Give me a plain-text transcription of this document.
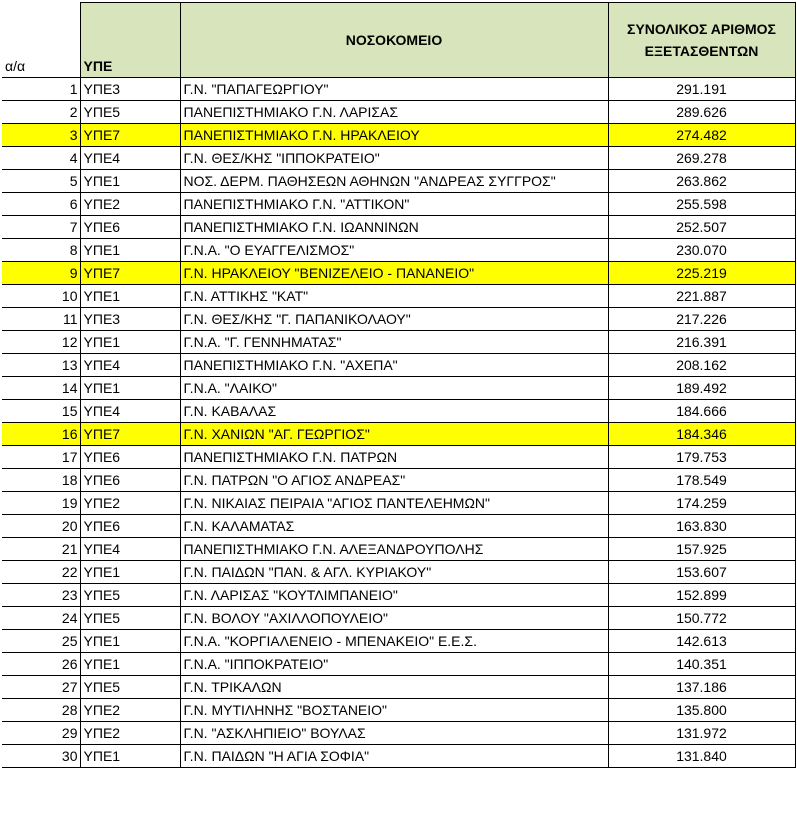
α/α	ΥΠΕ	ΝΟΣΟΚΟΜΕΙΟ	ΣΥΝΟΛΙΚΟΣ ΑΡΙΘΜΟΣ ΕΞΕΤΑΣΘΕΝΤΩΝ
1	ΥΠΕ3	Γ.Ν. "ΠΑΠΑΓΕΩΡΓΙΟΥ"	291.191
2	ΥΠΕ5	ΠΑΝΕΠΙΣΤΗΜΙΑΚΟ Γ.Ν. ΛΑΡΙΣΑΣ	289.626
3	ΥΠΕ7	ΠΑΝΕΠΙΣΤΗΜΙΑΚΟ Γ.Ν. ΗΡΑΚΛΕΙΟΥ	274.482
4	ΥΠΕ4	Γ.Ν. ΘΕΣ/ΚΗΣ "ΙΠΠΟΚΡΑΤΕΙΟ"	269.278
5	ΥΠΕ1	ΝΟΣ. ΔΕΡΜ. ΠΑΘΗΣΕΩΝ ΑΘΗΝΩΝ "ΑΝΔΡΕΑΣ ΣΥΓΓΡΟΣ"	263.862
6	ΥΠΕ2	ΠΑΝΕΠΙΣΤΗΜΙΑΚΟ Γ.Ν. "ΑΤΤΙΚΟΝ"	255.598
7	ΥΠΕ6	ΠΑΝΕΠΙΣΤΗΜΙΑΚΟ Γ.Ν. ΙΩΑΝΝΙΝΩΝ	252.507
8	ΥΠΕ1	Γ.Ν.Α. "Ο ΕΥΑΓΓΕΛΙΣΜΟΣ"	230.070
9	ΥΠΕ7	Γ.Ν. ΗΡΑΚΛΕΙΟΥ "ΒΕΝΙΖΕΛΕΙΟ - ΠΑΝΑΝΕΙΟ"	225.219
10	ΥΠΕ1	Γ.Ν. ΑΤΤΙΚΗΣ "ΚΑΤ"	221.887
11	ΥΠΕ3	Γ.Ν. ΘΕΣ/ΚΗΣ "Γ. ΠΑΠΑΝΙΚΟΛΑΟΥ"	217.226
12	ΥΠΕ1	Γ.Ν.Α. "Γ. ΓΕΝΝΗΜΑΤΑΣ"	216.391
13	ΥΠΕ4	ΠΑΝΕΠΙΣΤΗΜΙΑΚΟ Γ.Ν. "ΑΧΕΠΑ"	208.162
14	ΥΠΕ1	Γ.Ν.Α. "ΛΑΙΚΟ"	189.492
15	ΥΠΕ4	Γ.Ν. ΚΑΒΑΛΑΣ	184.666
16	ΥΠΕ7	Γ.Ν. ΧΑΝΙΩΝ "ΑΓ. ΓΕΩΡΓΙΟΣ"	184.346
17	ΥΠΕ6	ΠΑΝΕΠΙΣΤΗΜΙΑΚΟ Γ.Ν. ΠΑΤΡΩΝ	179.753
18	ΥΠΕ6	Γ.Ν. ΠΑΤΡΩΝ "Ο ΑΓΙΟΣ ΑΝΔΡΕΑΣ"	178.549
19	ΥΠΕ2	Γ.Ν. ΝΙΚΑΙΑΣ ΠΕΙΡΑΙΑ "ΑΓΙΟΣ ΠΑΝΤΕΛΕΗΜΩΝ"	174.259
20	ΥΠΕ6	Γ.Ν. ΚΑΛΑΜΑΤΑΣ	163.830
21	ΥΠΕ4	ΠΑΝΕΠΙΣΤΗΜΙΑΚΟ Γ.Ν. ΑΛΕΞΑΝΔΡΟΥΠΟΛΗΣ	157.925
22	ΥΠΕ1	Γ.Ν. ΠΑΙΔΩΝ "ΠΑΝ. & ΑΓΛ. ΚΥΡΙΑΚΟΥ"	153.607
23	ΥΠΕ5	Γ.Ν. ΛΑΡΙΣΑΣ "ΚΟΥΤΛΙΜΠΑΝΕΙΟ"	152.899
24	ΥΠΕ5	Γ.Ν. ΒΟΛΟΥ "ΑΧΙΛΛΟΠΟΥΛΕΙΟ"	150.772
25	ΥΠΕ1	Γ.Ν.Α. "ΚΟΡΓΙΑΛΕΝΕΙΟ - ΜΠΕΝΑΚΕΙΟ" Ε.Ε.Σ.	142.613
26	ΥΠΕ1	Γ.Ν.Α. "ΙΠΠΟΚΡΑΤΕΙΟ"	140.351
27	ΥΠΕ5	Γ.Ν. ΤΡΙΚΑΛΩΝ	137.186
28	ΥΠΕ2	Γ.Ν. ΜΥΤΙΛΗΝΗΣ "ΒΟΣΤΑΝΕΙΟ"	135.800
29	ΥΠΕ2	Γ.Ν. "ΑΣΚΛΗΠΙΕΙΟ" ΒΟΥΛΑΣ	131.972
30	ΥΠΕ1	Γ.Ν. ΠΑΙΔΩΝ "Η ΑΓΙΑ ΣΟΦΙΑ"	131.840
